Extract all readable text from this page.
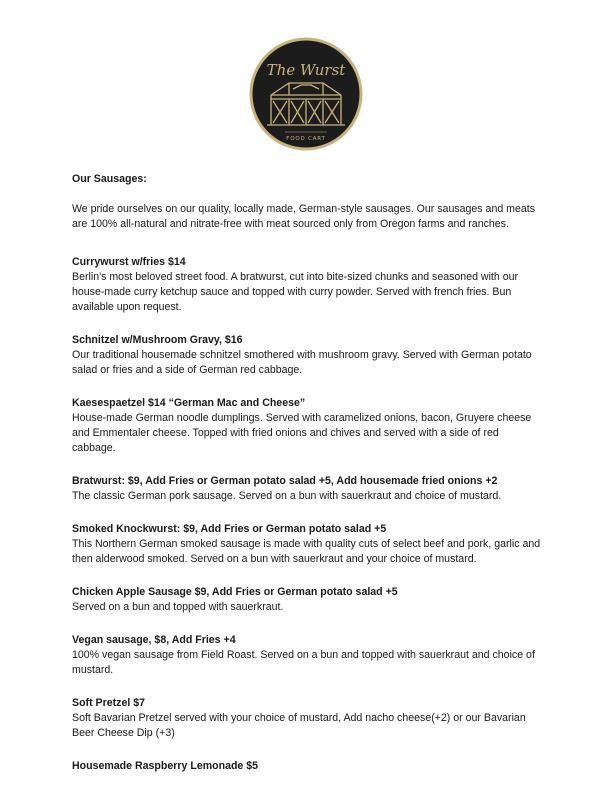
The Wurst
FOOD CART
Our Sausages:
We pride ourselves on our quality, locally made, German-style sausages. Our sausages and meats are 100% all-natural and nitrate-free with meat sourced only from Oregon farms and ranches.
Currywurst w/fries $14
Berlin's most beloved street food. A bratwurst, cut into bite-sized chunks and seasoned with our house-made curry ketchup sauce and topped with curry powder. Served with french fries. Bun available upon request.
Schnitzel w/Mushroom Gravy, $16
Our traditional housemade schnitzel smothered with mushroom gravy. Served with German potato salad or fries and a side of German red cabbage.
Kaesespaetzel $14 “German Mac and Cheese”
House-made German noodle dumplings. Served with caramelized onions, bacon, Gruyere cheese and Emmentaler cheese. Topped with fried onions and chives and served with a side of red cabbage.
Bratwurst: $9, Add Fries or German potato salad +5, Add housemade fried onions +2
The classic German pork sausage. Served on a bun with sauerkraut and choice of mustard.
Smoked Knockwurst: $9, Add Fries or German potato salad +5
This Northern German smoked sausage is made with quality cuts of select beef and pork, garlic and then alderwood smoked. Served on a bun with sauerkraut and your choice of mustard.
Chicken Apple Sausage $9, Add Fries or German potato salad +5
Served on a bun and topped with sauerkraut.
Vegan sausage, $8, Add Fries +4
100% vegan sausage from Field Roast. Served on a bun and topped with sauerkraut and choice of mustard.
Soft Pretzel $7
Soft Bavarian Pretzel served with your choice of mustard, Add nacho cheese(+2) or our Bavarian Beer Cheese Dip (+3)
Housemade Raspberry Lemonade $5
